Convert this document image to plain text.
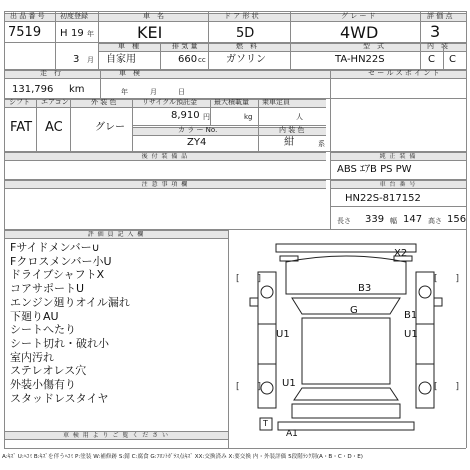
出 品 番 号 初度登録	車　名	ド ア 形 状	グ レ ー ド	評 価 点
7519 H 19 年	KEI	5D	4WD	3
車　種	排 気 量	燃　料	型　式	内　装
3 月 自家用	660 cc ガソリン	TA-HN22S	C C
走　行	車　検	セ ー ル ス ポ イ ン ト
131,796 km	年	月	日
シフト エアコン	外 装 色	リサイクル預託金 最大積載量 乗車定員
FAT AC	グレー
8,910 円	kg	人
カ ラ ー No.	内 装 色
ZY4	紺	系
後 付 装 備 品	純 正 装 備
ABS ｴｱB PS PW
注 意 事 項 欄	車 台 番 号
HN22S-817152
長さ 339 幅 147 高さ 156
評 価 員 記 入 欄
Fサイドメンバー∪
Fクロスメンバー小U
ドライブシャフトX
コアサポートU
エンジン廻りオイル漏れ
下廻りAU
シートへたり
シート切れ・破れ小
室内汚れ
ステレオレス穴
外装小傷有り
スタッドレスタイヤ
車 検 用 よ り ご 覧 く だ さ い
[　　]	[　　]
[　　]	[　　]
X2
B3
G
U1
B1
U1
U1
A1
T
A:ｷｽﾞ U:ﾍｺﾐ B:ｷｽﾞを伴うﾍｺﾐ P:塗装 W:補修跡 S:錆 C:腐食 G:ﾌﾛﾝﾄｶﾞﾗｽ点ｷｽﾞ XX:交換済み X:要交換 内・外装評価 5段階ﾗﾝｸ別(A・B・C・D・E)
